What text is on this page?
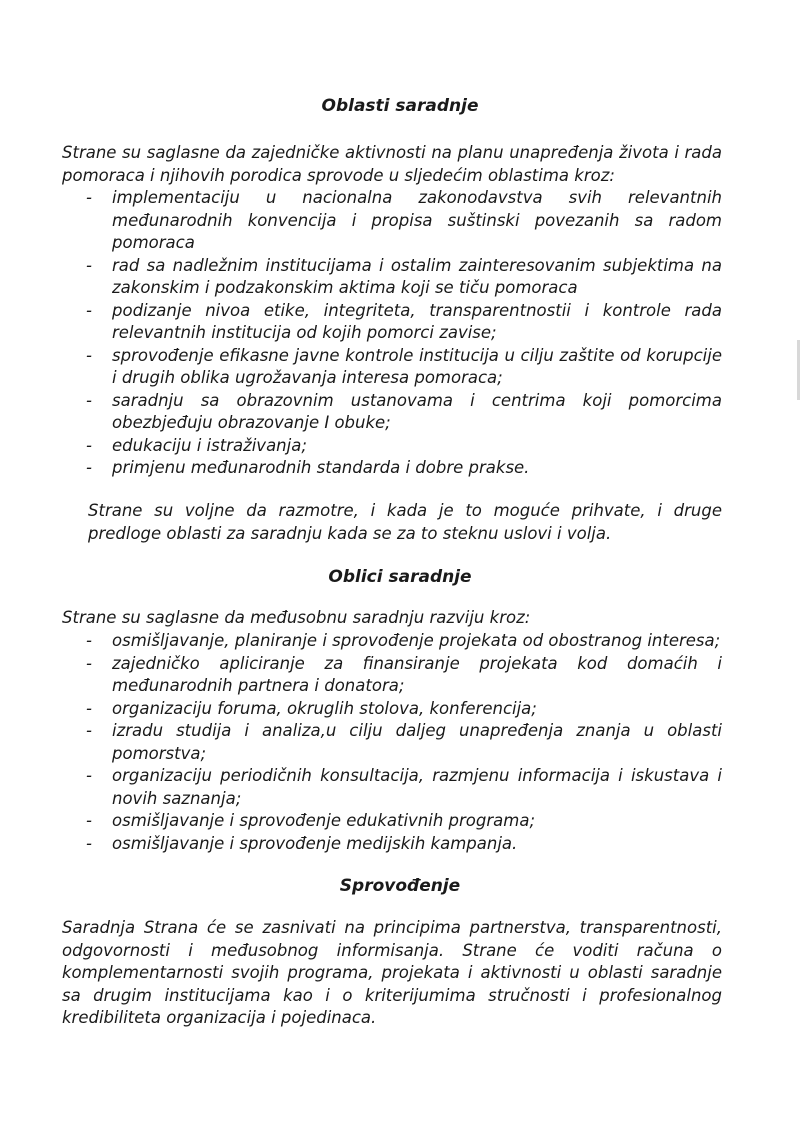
Oblasti saradnje

Strane su saglasne da zajedničke aktivnosti na planu unapređenja života i rada pomoraca i njihovih porodica sprovode u sljedećim oblastima kroz:

- implementaciju u nacionalna zakonodavstva svih relevantnih međunarodnih konvencija i propisa suštinski povezanih sa radom pomoraca
- rad sa nadležnim institucijama i ostalim zainteresovanim subjektima na zakonskim i podzakonskim aktima koji se tiču pomoraca
- podizanje nivoa etike, integriteta, transparentnostii i kontrole rada relevantnih institucija od kojih pomorci zavise;
- sprovođenje efikasne javne kontrole institucija u cilju zaštite od korupcije i drugih oblika ugrožavanja interesa pomoraca;
- saradnju sa obrazovnim ustanovama i centrima koji pomorcima obezbjeđuju obrazovanje I obuke;
- edukaciju i istraživanja;
- primjenu međunarodnih standarda i dobre prakse.

Strane su voljne da razmotre, i kada je to moguće prihvate, i druge predloge oblasti za saradnju kada se za to steknu uslovi i volja.

Oblici saradnje

Strane su saglasne da međusobnu saradnju razviju kroz:

- osmišljavanje, planiranje i sprovođenje projekata od obostranog interesa;
- zajedničko apliciranje za finansiranje projekata kod domaćih i međunarodnih partnera i donatora;
- organizaciju foruma, okruglih stolova, konferencija;
- izradu studija i analiza,u cilju daljeg unapređenja znanja u oblasti pomorstva;
- organizaciju periodičnih konsultacija, razmjenu informacija i iskustava i novih saznanja;
- osmišljavanje i sprovođenje edukativnih programa;
- osmišljavanje i sprovođenje medijskih kampanja.
Sprovođenje

Saradnja Strana će se zasnivati na principima partnerstva, transparentnosti, odgovornosti i međusobnog informisanja. Strane će voditi računa o komplementarnosti svojih programa, projekata i aktivnosti u oblasti saradnje sa drugim institucijama kao i o kriterijumima stručnosti i profesionalnog kredibiliteta organizacija i pojedinaca.
